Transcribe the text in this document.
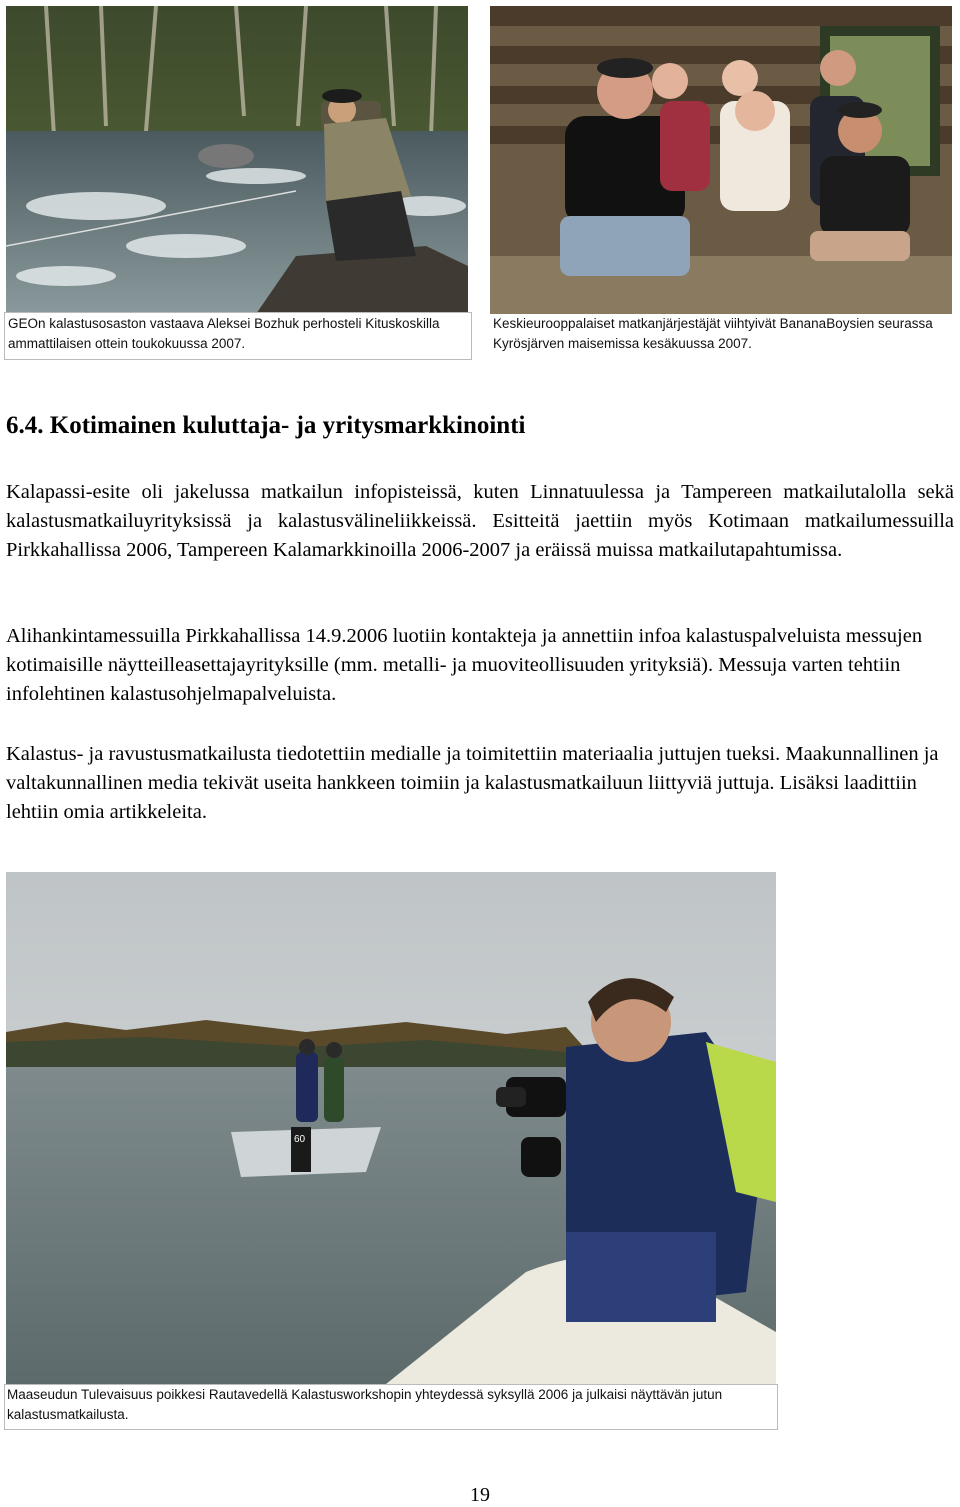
GEOn kalastusosaston vastaava Aleksei Bozhuk perhosteli Kituskoskilla ammattilaisen ottein toukokuussa 2007.
Keskieurooppalaiset matkanjärjestäjät viihtyivät BananaBoysien seurassa Kyrösjärven maisemissa kesäkuussa 2007.
6.4. Kotimainen kuluttaja- ja yritysmarkkinointi

Kalapassi-esite oli jakelussa matkailun infopisteissä, kuten Linnatuulessa ja Tampereen matkailutalolla sekä kalastusmatkailuyrityksissä ja kalastusvälineliikkeissä. Esitteitä jaettiin myös Kotimaan matkailumessuilla Pirkkahallissa 2006, Tampereen Kalamarkkinoilla 2006-2007 ja eräissä muissa matkailutapahtumissa.

Alihankintamessuilla Pirkkahallissa 14.9.2006 luotiin kontakteja ja annettiin infoa kalastuspalveluista messujen kotimaisille näytteilleasettajayrityksille (mm. metalli- ja muoviteollisuuden yrityksiä). Messuja varten tehtiin infolehtinen kalastusohjelmapalveluista.

Kalastus- ja ravustusmatkailusta tiedotettiin medialle ja toimitettiin materiaalia juttujen tueksi. Maakunnallinen ja valtakunnallinen media tekivät useita hankkeen toimiin ja kalastusmatkailuun liittyviä juttuja. Lisäksi laadittiin lehtiin omia artikkeleita.

60
Maaseudun Tulevaisuus poikkesi Rautavedellä Kalastusworkshopin yhteydessä syksyllä 2006 ja julkaisi näyttävän jutun kalastusmatkailusta.
19
